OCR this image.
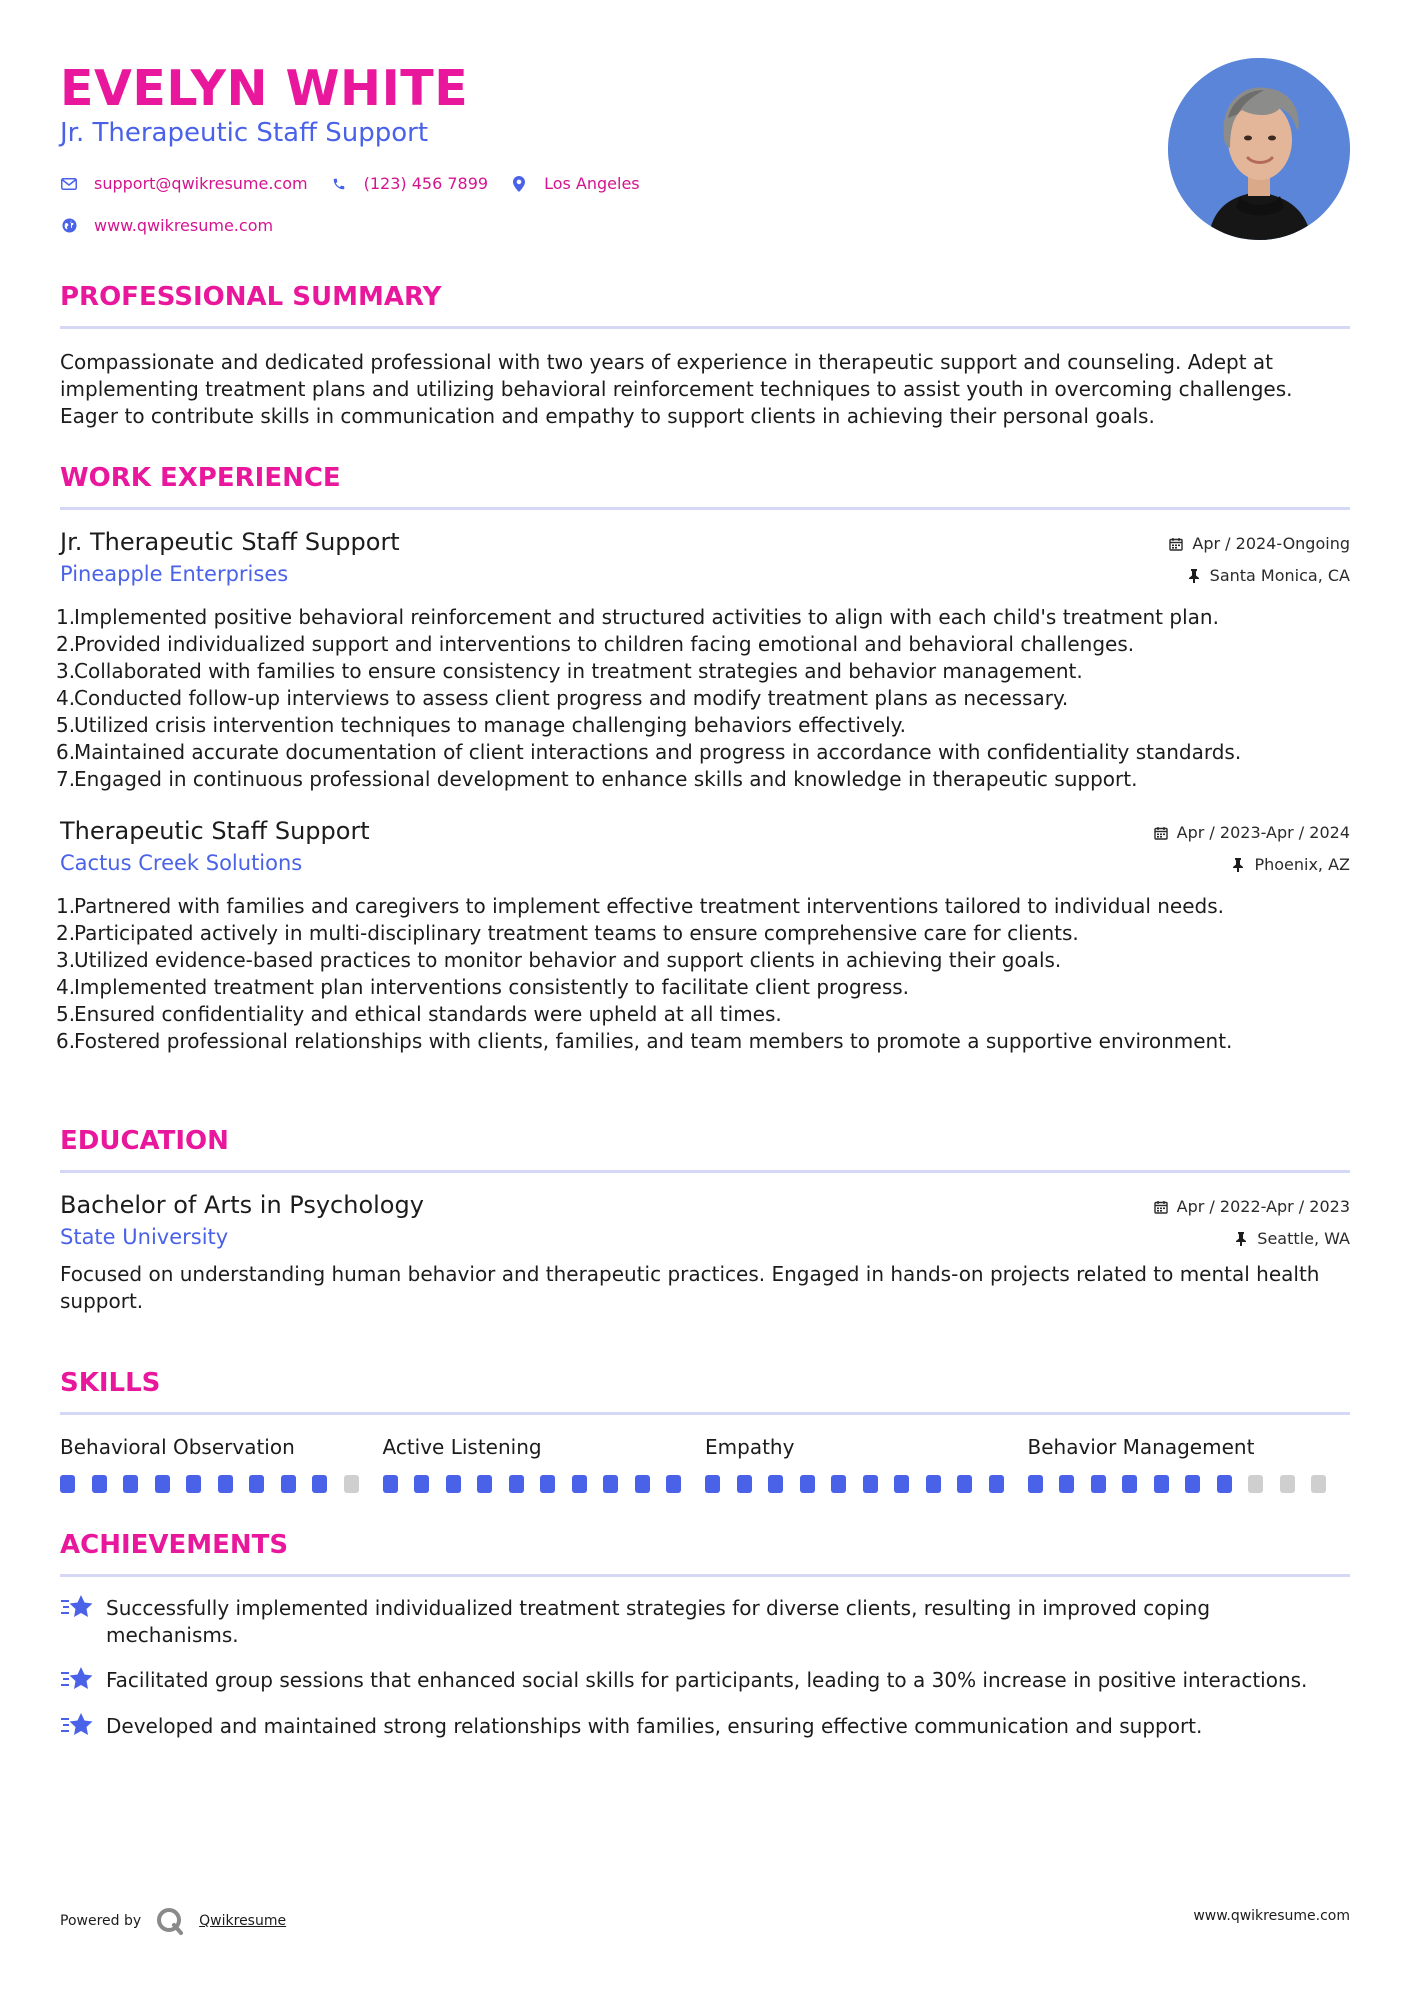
EVELYN WHITE
Jr. Therapeutic Staff Support
support@qwikresume.com	(123) 456 7899	Los Angeles
www.qwikresume.com
PROFESSIONAL SUMMARY
Compassionate and dedicated professional with two years of experience in therapeutic support and counseling. Adept at implementing treatment plans and utilizing behavioral reinforcement techniques to assist youth in overcoming challenges. Eager to contribute skills in communication and empathy to support clients in achieving their personal goals.
WORK EXPERIENCE
Jr. Therapeutic Staff Support	Apr / 2024-Ongoing
Pineapple Enterprises	Santa Monica, CA
1.
Implemented positive behavioral reinforcement and structured activities to align with each child's treatment plan.
2.
Provided individualized support and interventions to children facing emotional and behavioral challenges.
3.
Collaborated with families to ensure consistency in treatment strategies and behavior management.
4.
Conducted follow-up interviews to assess client progress and modify treatment plans as necessary.
5.
Utilized crisis intervention techniques to manage challenging behaviors effectively.
6.
Maintained accurate documentation of client interactions and progress in accordance with confidentiality standards.
7.
Engaged in continuous professional development to enhance skills and knowledge in therapeutic support.
Therapeutic Staff Support	Apr / 2023-Apr / 2024
Cactus Creek Solutions	Phoenix, AZ
1.
Partnered with families and caregivers to implement effective treatment interventions tailored to individual needs.
2.
Participated actively in multi-disciplinary treatment teams to ensure comprehensive care for clients.
3.
Utilized evidence-based practices to monitor behavior and support clients in achieving their goals.
4.
Implemented treatment plan interventions consistently to facilitate client progress.
5.
Ensured confidentiality and ethical standards were upheld at all times.
6.
Fostered professional relationships with clients, families, and team members to promote a supportive environment.
EDUCATION
Bachelor of Arts in Psychology	Apr / 2022-Apr / 2023
State University	Seattle, WA
Focused on understanding human behavior and therapeutic practices. Engaged in hands-on projects related to mental health support.
SKILLS
Behavioral Observation	Active Listening	Empathy	Behavior Management
ACHIEVEMENTS
Successfully implemented individualized treatment strategies for diverse clients, resulting in improved coping mechanisms.
Facilitated group sessions that enhanced social skills for participants, leading to a 30% increase in positive interactions.
Developed and maintained strong relationships with families, ensuring effective communication and support.
Powered by	Qwikresume	www.qwikresume.com
